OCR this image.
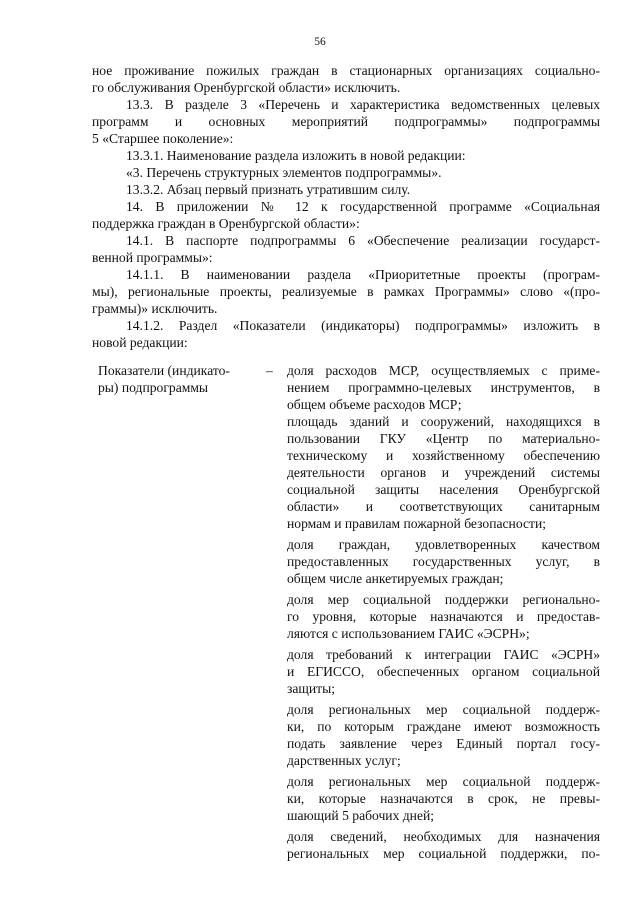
56
ное проживание пожилых граждан в стационарных организациях социально-
го обслуживания Оренбургской области» исключить.
13.3. В разделе 3 «Перечень и характеристика ведомственных целевых
программ и основных мероприятий подпрограммы» подпрограммы
5 «Старшее поколение»:
13.3.1. Наименование раздела изложить в новой редакции:
«3. Перечень структурных элементов подпрограммы».
13.3.2. Абзац первый признать утратившим силу.
14. В приложении № 12 к государственной программе «Социальная
поддержка граждан в Оренбургской области»:
14.1. В паспорте подпрограммы 6 «Обеспечение реализации государст-
венной программы»:
14.1.1. В наименовании раздела «Приоритетные проекты (програм-
мы), региональные проекты, реализуемые в рамках Программы» слово «(про-
граммы)» исключить.
14.1.2. Раздел «Показатели (индикаторы) подпрограммы» изложить в
новой редакции:
Показатели (индикато-
ры) подпрограммы
– доля расходов МСР, осуществляемых с приме-
нением программно-целевых инструментов, в
общем объеме расходов МСР;
площадь зданий и сооружений, находящихся в
пользовании ГКУ «Центр по материально-
техническому и хозяйственному обеспечению
деятельности органов и учреждений системы
социальной защиты населения Оренбургской
области» и соответствующих санитарным
нормам и правилам пожарной безопасности;
доля граждан, удовлетворенных качеством
предоставленных государственных услуг, в
общем числе анкетируемых граждан;
доля мер социальной поддержки регионально-
го уровня, которые назначаются и предостав-
ляются с использованием ГАИС «ЭСРН»;
доля требований к интеграции ГАИС «ЭСРН»
и ЕГИССО, обеспеченных органом социальной
защиты;
доля региональных мер социальной поддерж-
ки, по которым граждане имеют возможность
подать заявление через Единый портал госу-
дарственных услуг;
доля региональных мер социальной поддерж-
ки, которые назначаются в срок, не превы-
шающий 5 рабочих дней;
доля сведений, необходимых для назначения
региональных мер социальной поддержки, по-
